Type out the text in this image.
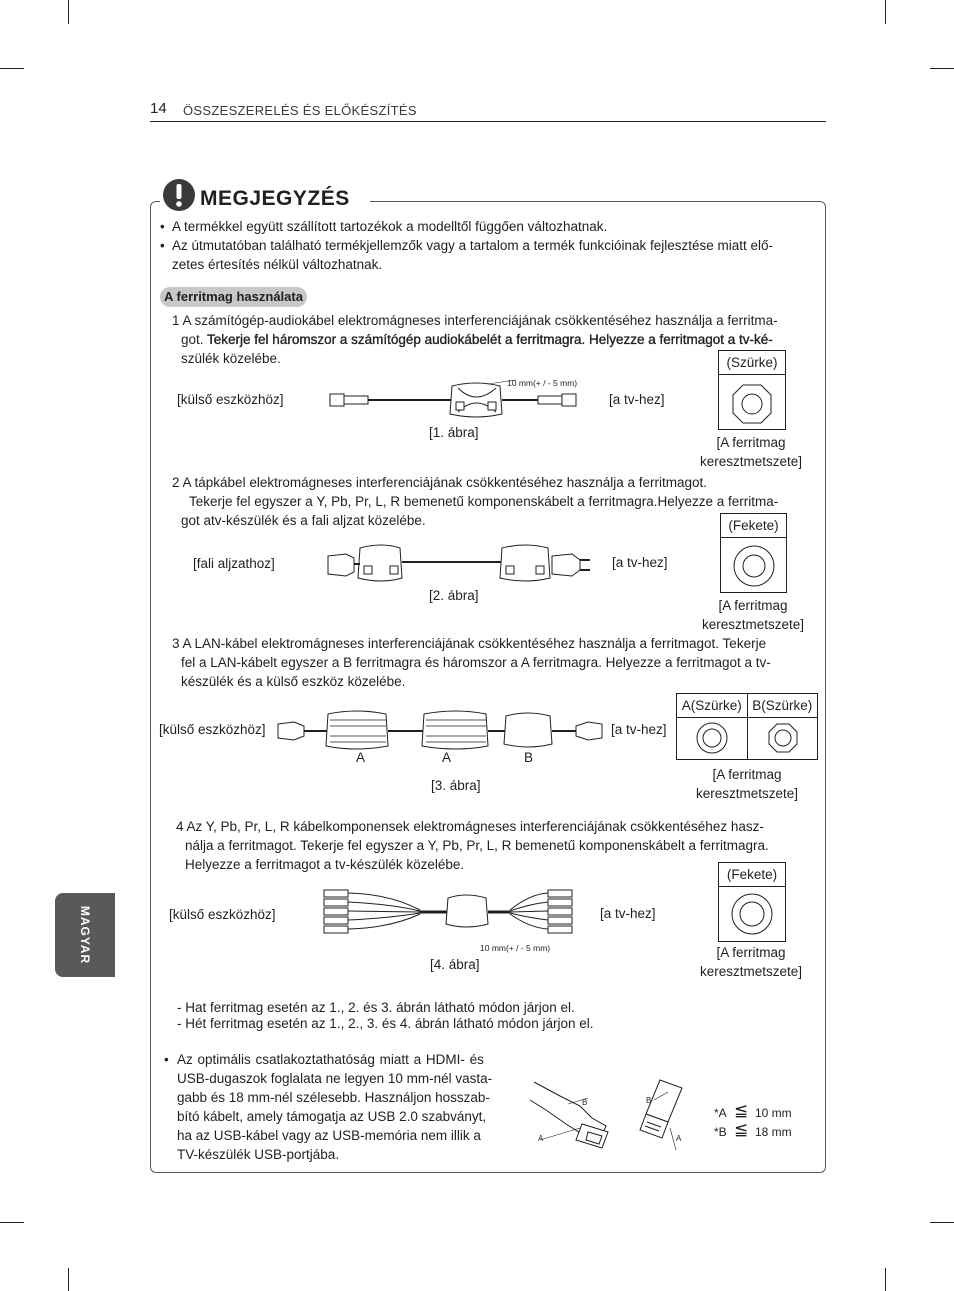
14 ÖSSZESZERELÉS ÉS ELŐKÉSZÍTÉS
MAGYAR
MEGJEGYZÉS
• A termékkel együtt szállított tartozékok a modelltől függően változhatnak.
• Az útmutatóban található termékjellemzők vagy a tartalom a termék funkcióinak fejlesztése miatt elő-
zetes értesítés nélkül változhatnak.
A ferritmag használata
1 A számítógép-audiokábel elektromágneses interferenciájának csökkentéséhez használja a ferritma-
got. Tekerje fel háromszor a számítógép audiokábelét a ferritmagra. Helyezze a ferritmagot a tv-ké-
szülék közelébe.
[külső eszközhöz]	[a tv-hez]
10 mm(+ / - 5 mm)
[1. ábra]
(Szürke)
[A ferritmag
keresztmetszete]
2 A tápkábel elektromágneses interferenciájának csökkentéséhez használja a ferritmagot.
Tekerje fel egyszer a Y, Pb, Pr, L, R bemenetű komponenskábelt a ferritmagra.Helyezze a ferritma-
got atv-készülék és a fali aljzat közelébe.
[fali aljzathoz]	[a tv-hez]
[2. ábra]
(Fekete)
[A ferritmag
keresztmetszete]
3 A LAN-kábel elektromágneses interferenciájának csökkentéséhez használja a ferritmagot. Tekerje
fel a LAN-kábelt egyszer a B ferritmagra és háromszor a A ferritmagra. Helyezze a ferritmagot a tv-
készülék és a külső eszköz közelébe.
[külső eszközhöz]	[a tv-hez]
A	A	B
[3. ábra]
A(Szürke) B(Szürke)
[A ferritmag
keresztmetszete]
4 Az Y, Pb, Pr, L, R kábelkomponensek elektromágneses interferenciájának csökkentéséhez hasz-
nálja a ferritmagot. Tekerje fel egyszer a Y, Pb, Pr, L, R bemenetű komponenskábelt a ferritmagra.
Helyezze a ferritmagot a tv-készülék közelébe.
[külső eszközhöz]	[a tv-hez]
10 mm(+ / - 5 mm)
[4. ábra]
(Fekete)
[A ferritmag
keresztmetszete]
- Hat ferritmag esetén az 1., 2. és 3. ábrán látható módon járjon el.
- Hét ferritmag esetén az 1., 2., 3. és 4. ábrán látható módon járjon el.
• Az optimális csatlakoztathatóság miatt a HDMI- és
USB-dugaszok foglalata ne legyen 10 mm-nél vasta-
gabb és 18 mm-nél szélesebb. Használjon hosszab-
bító kábelt, amely támogatja az USB 2.0 szabványt,
ha az USB-kábel vagy az USB-memória nem illik a
TV-készülék USB-portjába.
B
A
B
A
*A ≦ 10 mm
*B ≦ 18 mm
